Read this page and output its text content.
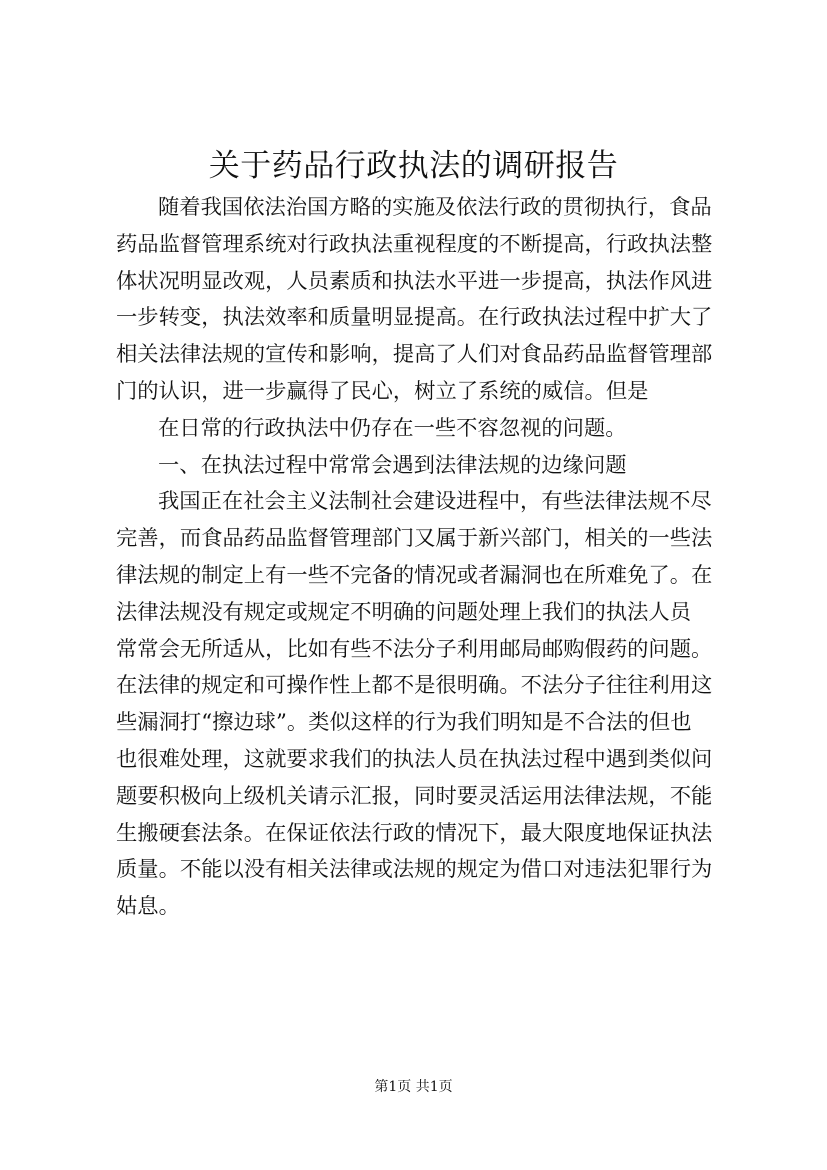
关于药品行政执法的调研报告
随着我国依法治国方略的实施及依法行政的贯彻执行，食品
药品监督管理系统对行政执法重视程度的不断提高，行政执法整
体状况明显改观，人员素质和执法水平进一步提高，执法作风进
一步转变，执法效率和质量明显提高。在行政执法过程中扩大了
相关法律法规的宣传和影响，提高了人们对食品药品监督管理部
门的认识，进一步赢得了民心，树立了系统的威信。但是
在日常的行政执法中仍存在一些不容忽视的问题。
一、在执法过程中常常会遇到法律法规的边缘问题
我国正在社会主义法制社会建设进程中，有些法律法规不尽
完善，而食品药品监督管理部门又属于新兴部门，相关的一些法
律法规的制定上有一些不完备的情况或者漏洞也在所难免了。在
法律法规没有规定或规定不明确的问题处理上我们的执法人员
常常会无所适从，比如有些不法分子利用邮局邮购假药的问题。
在法律的规定和可操作性上都不是很明确。不法分子往往利用这
些漏洞打“擦边球”。类似这样的行为我们明知是不合法的但也
也很难处理，这就要求我们的执法人员在执法过程中遇到类似问
题要积极向上级机关请示汇报，同时要灵活运用法律法规，不能
生搬硬套法条。在保证依法行政的情况下，最大限度地保证执法
质量。不能以没有相关法律或法规的规定为借口对违法犯罪行为
姑息。
第1页 共1页
